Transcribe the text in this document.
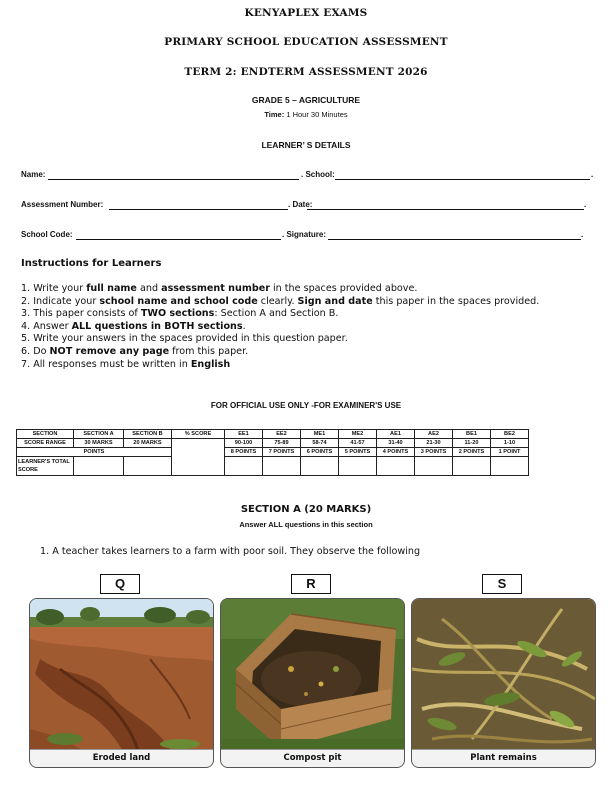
KENYAPLEX EXAMS
PRIMARY SCHOOL EDUCATION ASSESSMENT
TERM 2: ENDTERM ASSESSMENT 2026
GRADE 5 – AGRICULTURE
Time: 1 Hour 30 Minutes
LEARNER’ S DETAILS
Name:	. School:	.
Assessment Number:	. Date:	.
School Code:	. Signature:	.
Instructions for Learners
1. Write your full name and assessment number in the spaces provided above.
2. Indicate your school name and school code clearly. Sign and date this paper in the spaces provided.
3. This paper consists of TWO sections: Section A and Section B.
4. Answer ALL questions in BOTH sections.
5. Write your answers in the spaces provided in this question paper.
6. Do NOT remove any page from this paper.
7. All responses must be written in English
FOR OFFICIAL USE ONLY -FOR EXAMINER'S USE
SECTION	SECTION A	SECTION B	% SCORE	EE1	EE2	ME1	ME2	AE1	AE2	BE1	BE2
SCORE RANGE	30 MARKS	20 MARKS		90-100	75-89	58-74	41-57	31-40	21-30	11-20	1-10
POINTS				8 POINTS	7 POINTS	6 POINTS	5 POINTS	4 POINTS	3 POINTS	2 POINTS	1 POINT
LEARNER'S TOTAL SCORE											
SECTION A (20 MARKS)
Answer ALL questions in this section
1. A teacher takes learners to a farm with poor soil. They observe the following
Q	R	S
Eroded land	Compost pit	Plant remains
